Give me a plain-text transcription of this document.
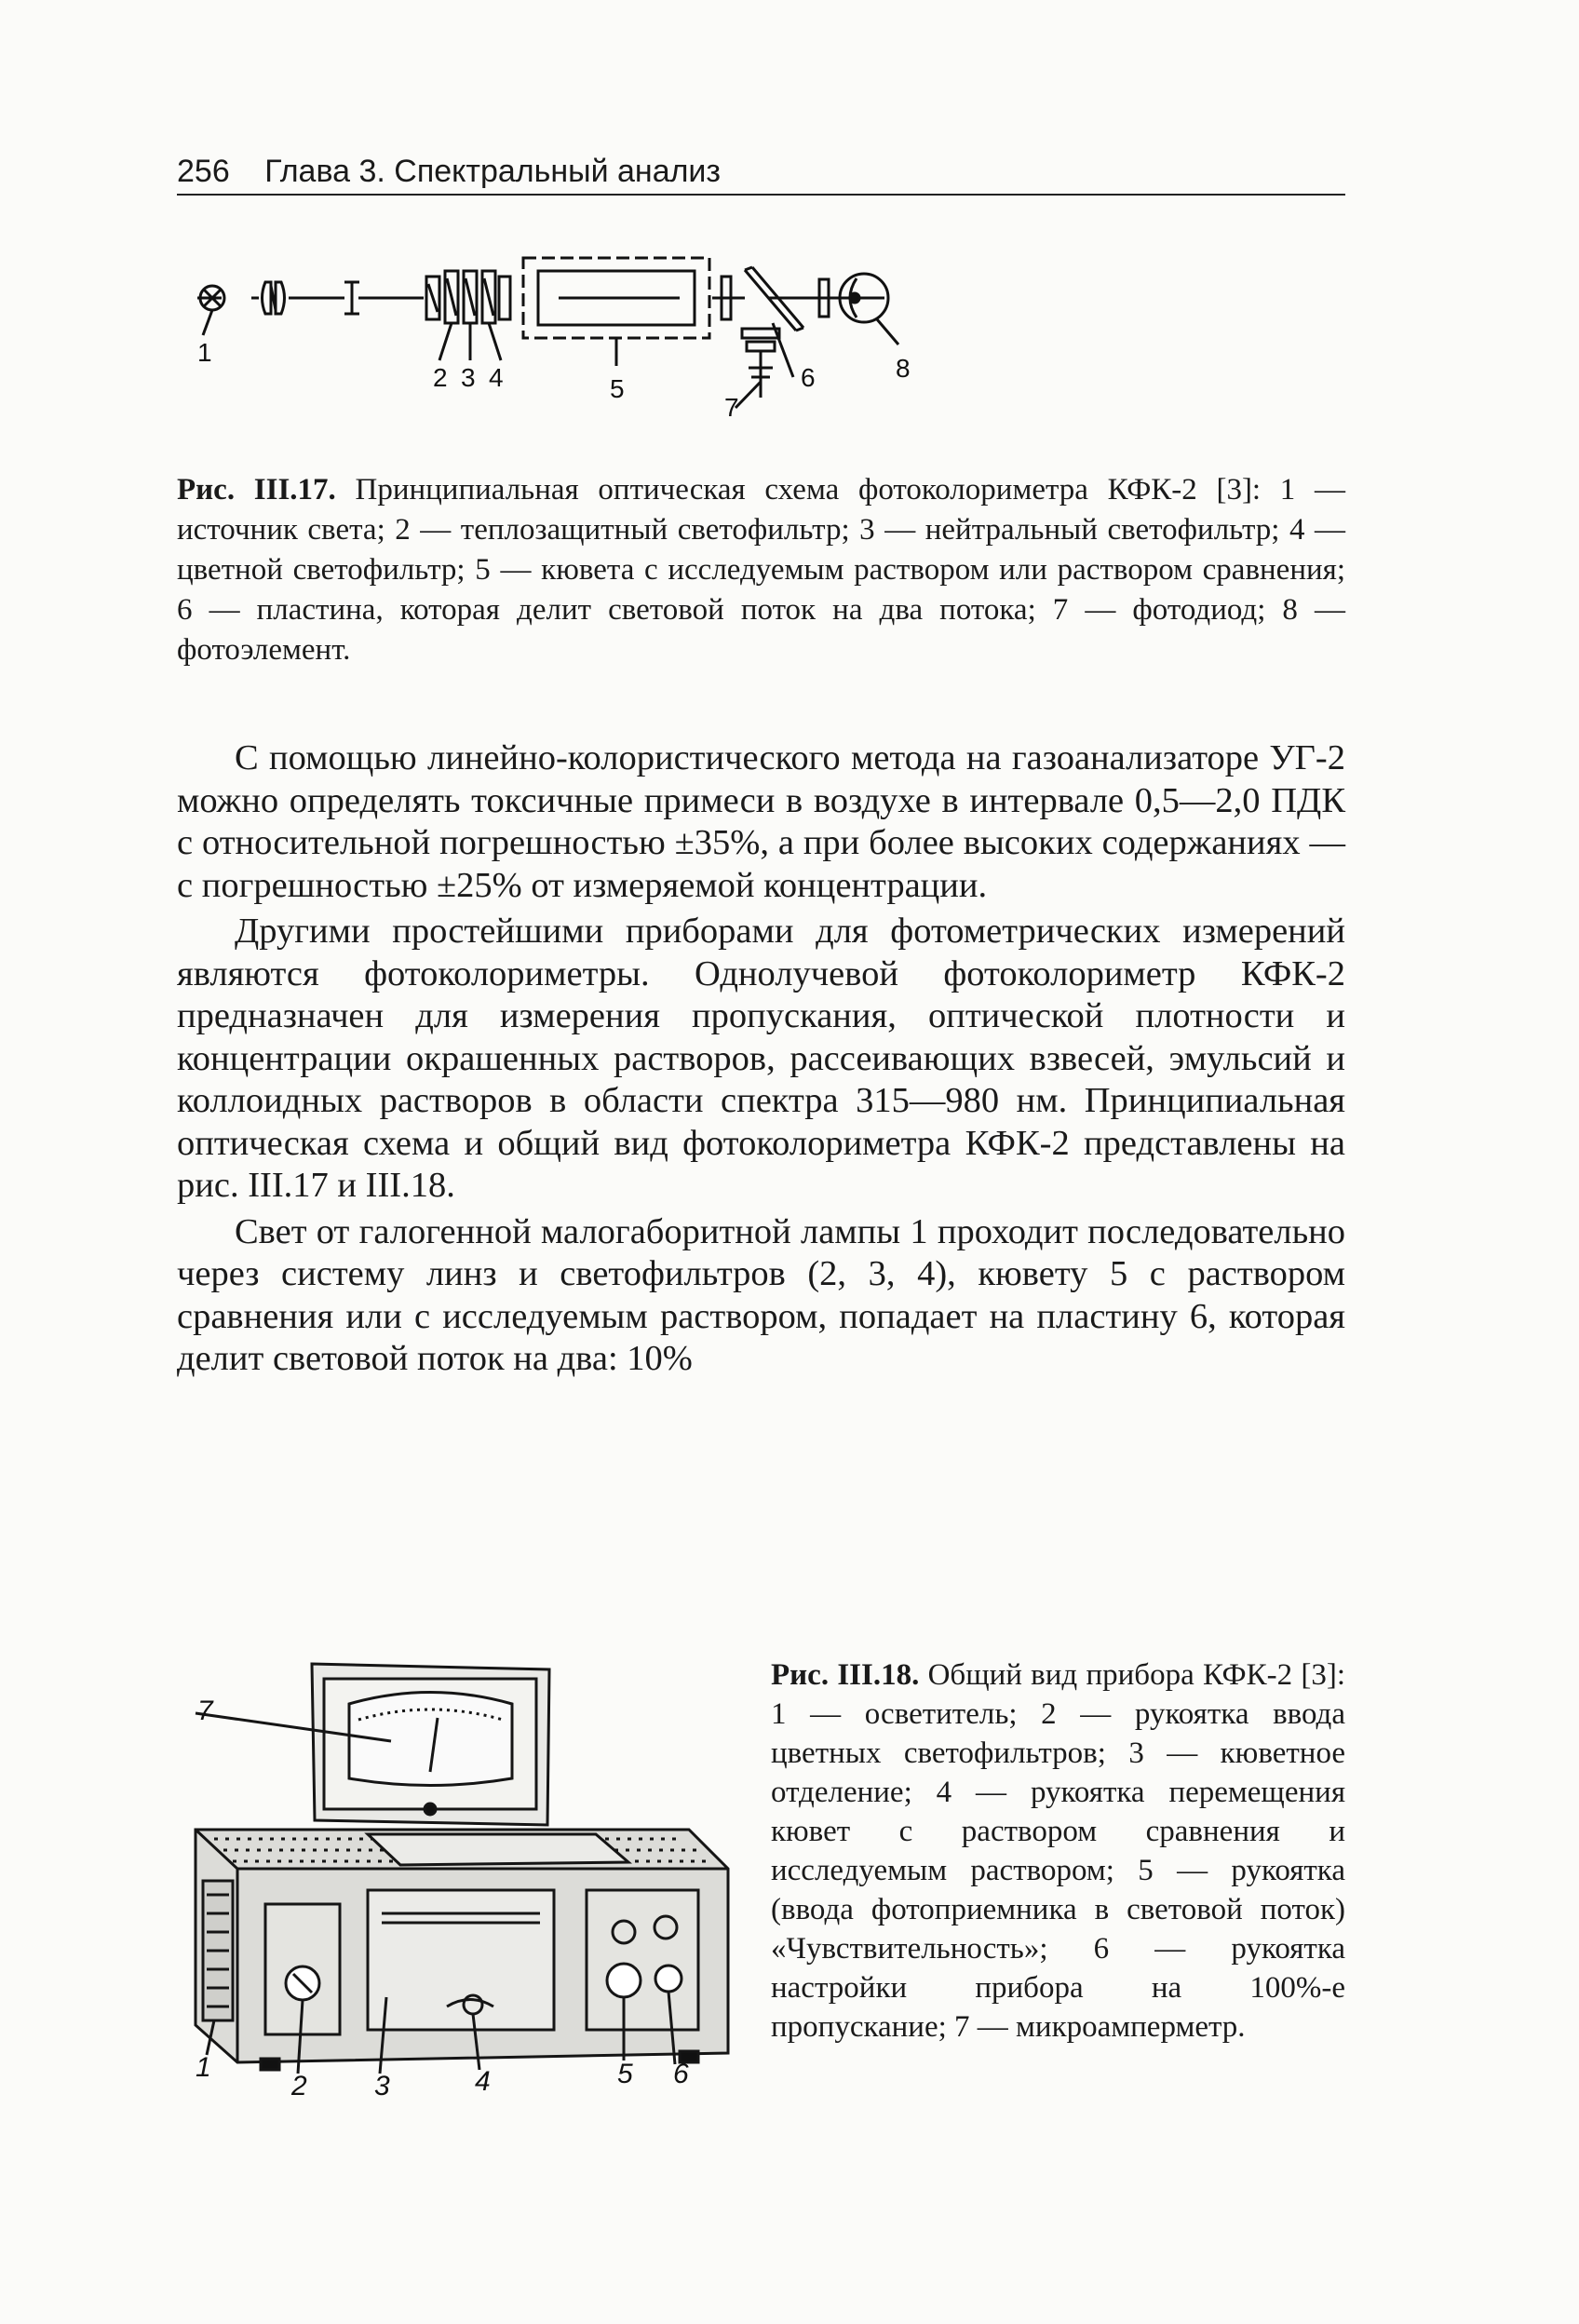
256 Глава 3. Спектральный анализ
1
2 3 4	5	6
7
8
Рис. III.17. Принципиальная оптическая схема фотоколориметра КФК-2 [3]: 1 — источник света; 2 — теплозащитный светофильтр; 3 — нейтральный светофильтр; 4 — цветной светофильтр; 5 — кювета с исследуемым раствором или раствором сравнения; 6 — пластина, которая делит световой поток на два потока; 7 — фотодиод; 8 — фотоэлемент.

С помощью линейно-колористического метода на газоанализаторе УГ-2 можно определять токсичные примеси в воздухе в интервале 0,5—2,0 ПДК с относительной погрешностью ±35%, а при более высоких содержаниях — с погрешностью ±25% от измеряемой концентрации.

Другими простейшими приборами для фотометрических измерений являются фотоколориметры. Однолучевой фотоколориметр КФК-2 предназначен для измерения пропускания, оптической плотности и концентрации окрашенных растворов, рассеивающих взвесей, эмульсий и коллоидных растворов в области спектра 315—980 нм. Принципиальная оптическая схема и общий вид фотоколориметра КФК-2 представлены на рис. III.17 и III.18.

Свет от галогенной малогаборитной лампы 1 проходит последовательно через систему линз и светофильтров (2, 3, 4), кювету 5 с раствором сравнения или с исследуемым раствором, попадает на пластину 6, которая делит световой поток на два: 10%

7
1
2 3	4	5 6
Рис. III.18. Общий вид прибора КФК-2 [3]: 1 — осветитель; 2 — рукоятка ввода цветных светофильтров; 3 — кюветное отделение; 4 — рукоятка перемещения кювет с раствором сравнения и исследуемым раствором; 5 — рукоятка (ввода фотоприемника в световой поток) «Чувствительность»; 6 — рукоятка настройки прибора на 100%-е пропускание; 7 — микроамперметр.
